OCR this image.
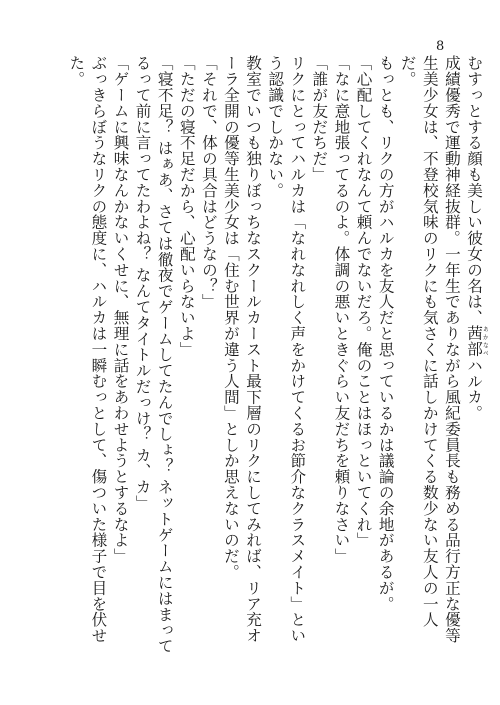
8

むすっとする顔も美しい彼女の名は、茜部あかなべハルカ。

成績優秀で運動神経抜群。一年生でありながら風紀委員長も務める品行方正な優等生美少女は、不登校気味のリクにも気さくに話しかけてくる数少ない友人の一人だ。

もっとも、リクの方がハルカを友人だと思っているかは議論の余地があるが。

「心配してくれなんて頼んでないだろ。俺のことはほっといてくれ」

「なに意地張ってるのよ。体調の悪いときぐらい友だちを頼りなさい」

「誰が友だちだ」

リクにとってハルカは「なれなれしく声をかけてくるお節介なクラスメイト」という認識でしかない。

教室でいつも独りぼっちなスクールカースト最下層のリクにしてみれば、リア充オーラ全開の優等生美少女は「住む世界が違う人間」としか思えないのだ。

「それで、体の具合はどうなの？」

「ただの寝不足だから、心配いらないよ」

「寝不足？ はぁあ、さては徹夜でゲームしてたんでしょ？ ネットゲームにはまってるって前に言ってたわよね？ なんてタイトルだっけ？ カ、カ」

「ゲームに興味なんかないくせに、無理に話をあわせようとするなよ」

ぶっきらぼうなリクの態度に、ハルカは一瞬むっとして、傷ついた様子で目を伏せた。
